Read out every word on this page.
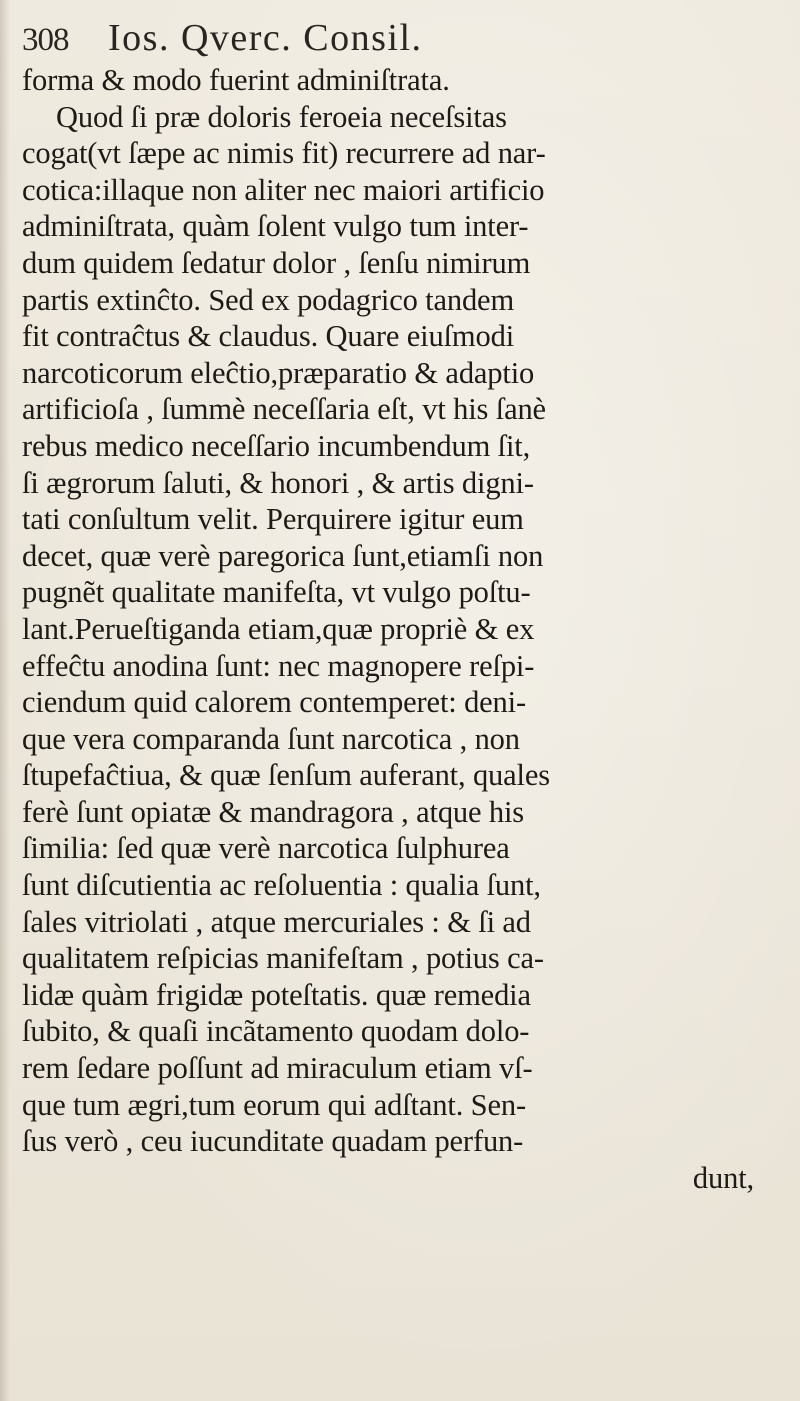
308	Ios. Qverc. Consil.
forma & modo fuerint adminiſtrata.
Quod ſi præ doloris feroeia neceſsitas
cogat(vt ſæpe ac nimis fit) recurrere ad nar-
cotica:illaque non aliter nec maiori artificio
adminiſtrata, quàm ſolent vulgo tum inter-
dum quidem ſedatur dolor , ſenſu nimirum
partis extinĉto. Sed ex podagrico tandem
fit contraĉtus & claudus. Quare eiuſmodi
narcoticorum eleĉtio,præparatio & adaptio
artificioſa , ſummè neceſſaria eſt, vt his ſanè
rebus medico neceſſario incumbendum ſit,
ſi ægrorum ſaluti, & honori , & artis digni-
tati conſultum velit. Perquirere igitur eum
decet, quæ verè paregorica ſunt,etiamſi non
pugnẽt qualitate manifeſta, vt vulgo poſtu-
lant.Perueſtiganda etiam,quæ propriè & ex
effeĉtu anodina ſunt: nec magnopere reſpi-
ciendum quid calorem contemperet: deni-
que vera comparanda ſunt narcotica , non
ſtupefaĉtiua, & quæ ſenſum auferant, quales
ferè ſunt opiatæ & mandragora , atque his
ſimilia: ſed quæ verè narcotica ſulphurea
ſunt diſcutientia ac reſoluentia : qualia ſunt,
ſales vitriolati , atque mercuriales : & ſi ad
qualitatem reſpicias manifeſtam , potius ca-
lidæ quàm frigidæ poteſtatis. quæ remedia
ſubito, & quaſi incãtamento quodam dolo-
rem ſedare poſſunt ad miraculum etiam vſ-
que tum ægri,tum eorum qui adſtant. Sen-
ſus verò , ceu iucunditate quadam perfun-
dunt,
